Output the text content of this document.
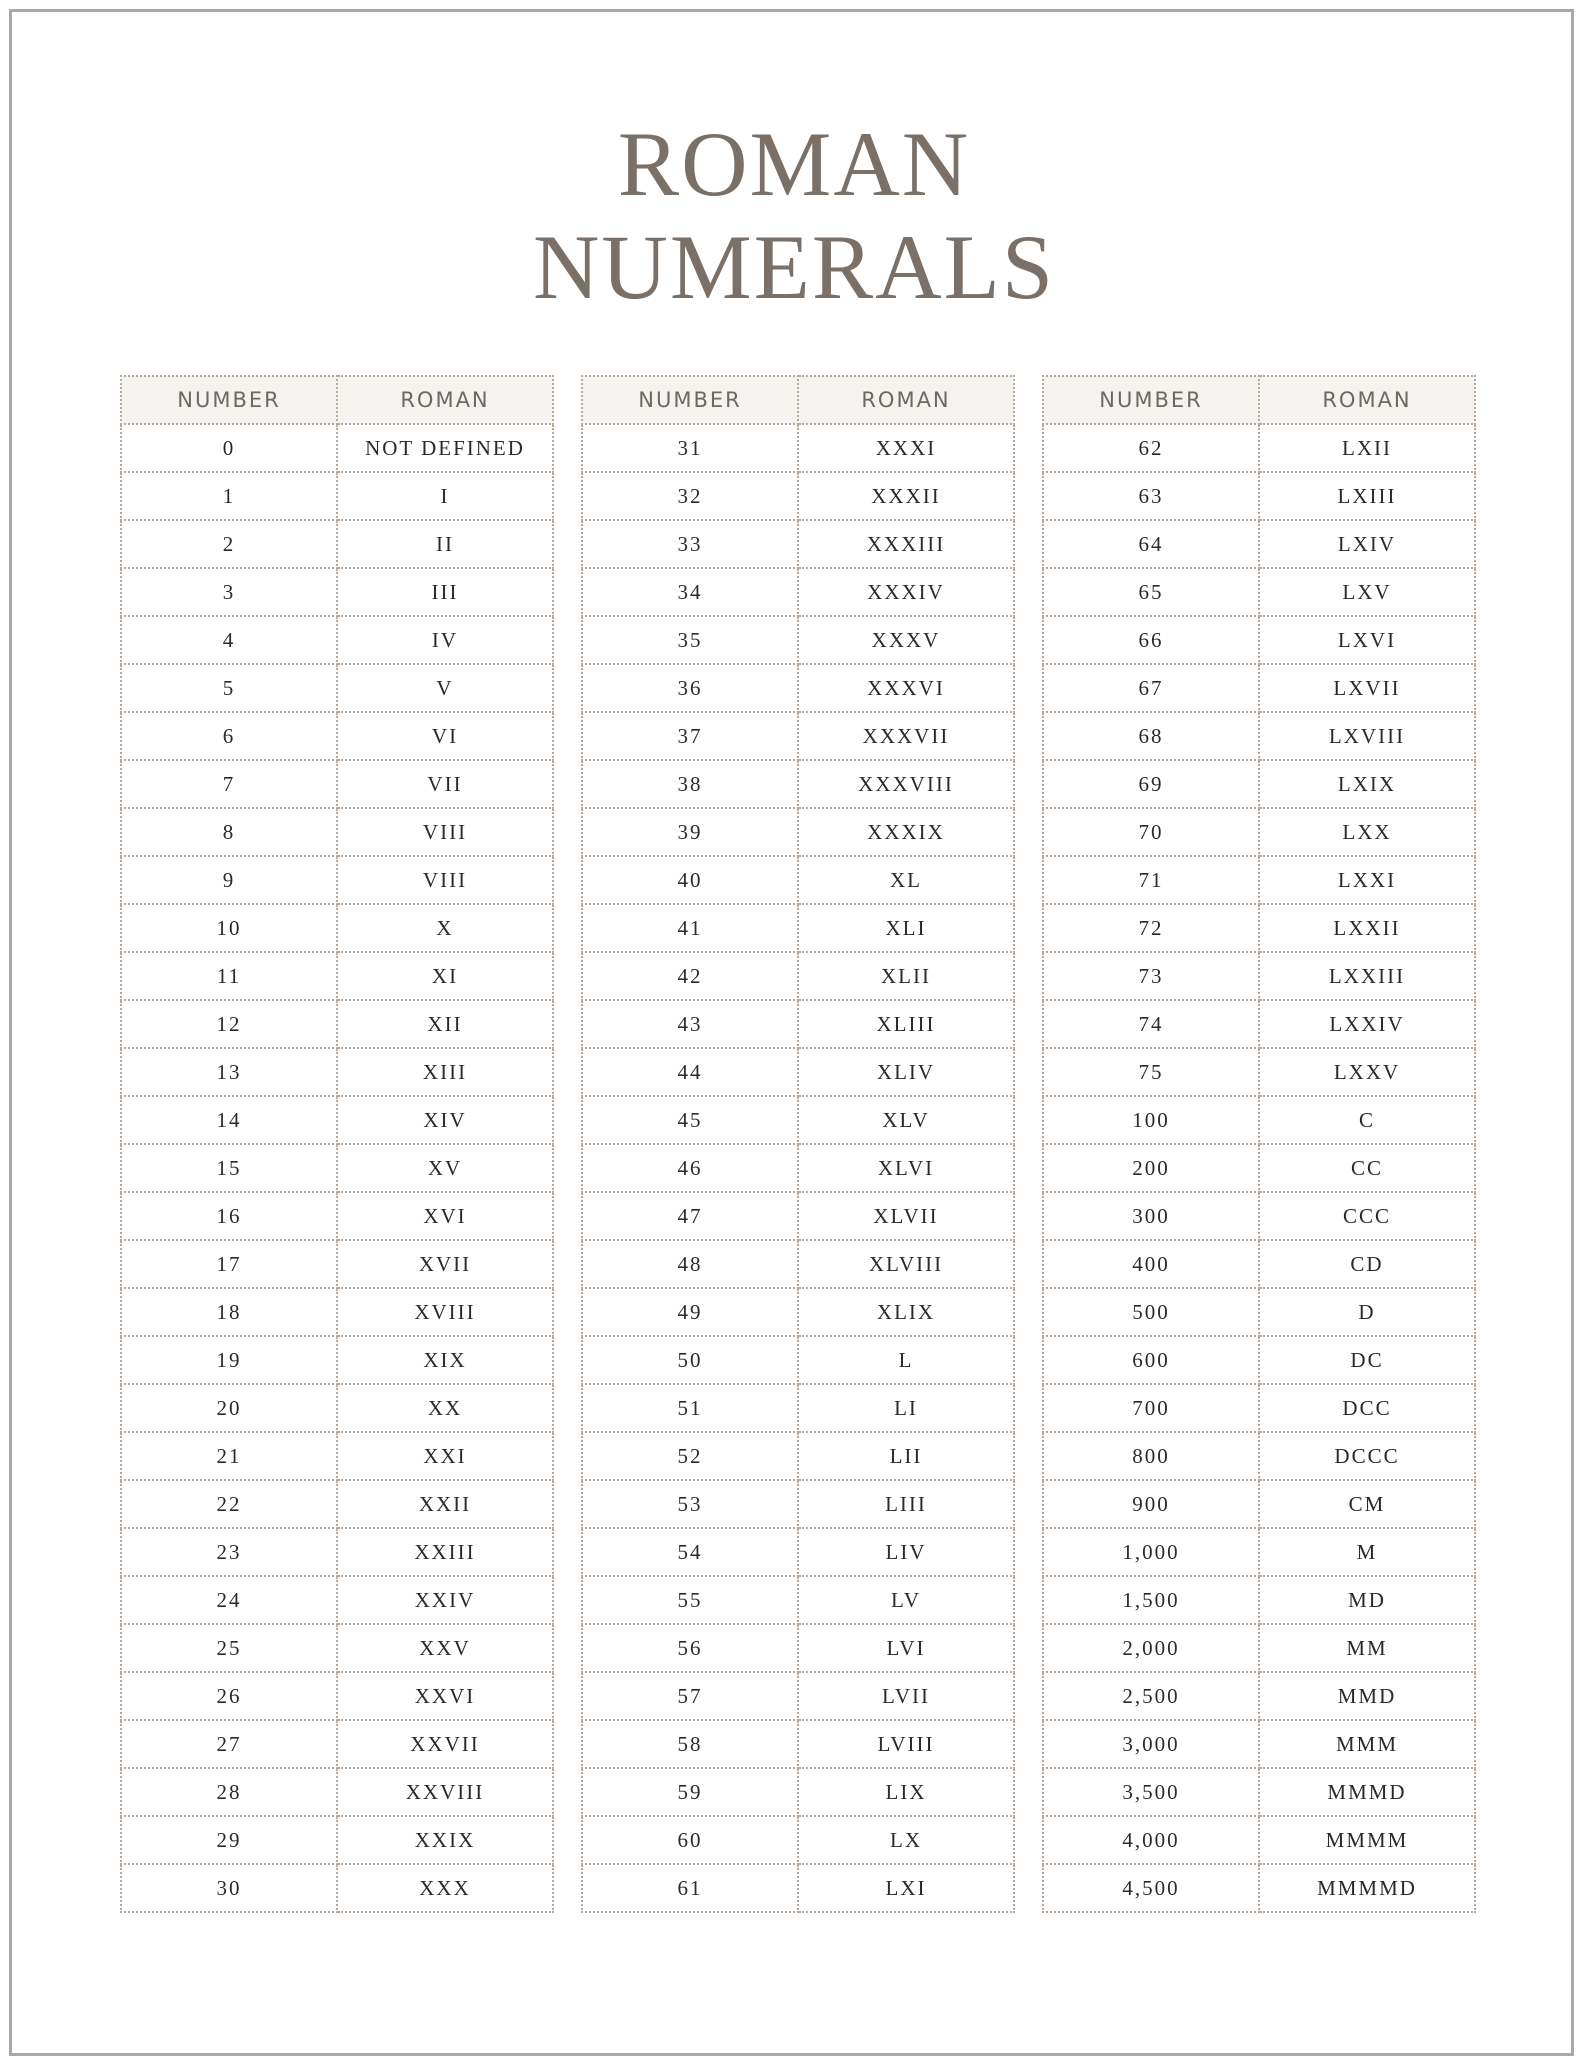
ROMAN
NUMERALS
NUMBER	ROMAN
0	NOT DEFINED
1	I
2	II
3	III
4	IV
5	V
6	VI
7	VII
8	VIII
9	VIII
10	X
11	XI
12	XII
13	XIII
14	XIV
15	XV
16	XVI
17	XVII
18	XVIII
19	XIX
20	XX
21	XXI
22	XXII
23	XXIII
24	XXIV
25	XXV
26	XXVI
27	XXVII
28	XXVIII
29	XXIX
30	XXX
NUMBER	ROMAN
31	XXXI
32	XXXII
33	XXXIII
34	XXXIV
35	XXXV
36	XXXVI
37	XXXVII
38	XXXVIII
39	XXXIX
40	XL
41	XLI
42	XLII
43	XLIII
44	XLIV
45	XLV
46	XLVI
47	XLVII
48	XLVIII
49	XLIX
50	L
51	LI
52	LII
53	LIII
54	LIV
55	LV
56	LVI
57	LVII
58	LVIII
59	LIX
60	LX
61	LXI
NUMBER	ROMAN
62	LXII
63	LXIII
64	LXIV
65	LXV
66	LXVI
67	LXVII
68	LXVIII
69	LXIX
70	LXX
71	LXXI
72	LXXII
73	LXXIII
74	LXXIV
75	LXXV
100	C
200	CC
300	CCC
400	CD
500	D
600	DC
700	DCC
800	DCCC
900	CM
1,000	M
1,500	MD
2,000	MM
2,500	MMD
3,000	MMM
3,500	MMMD
4,000	MMMM
4,500	MMMMD
